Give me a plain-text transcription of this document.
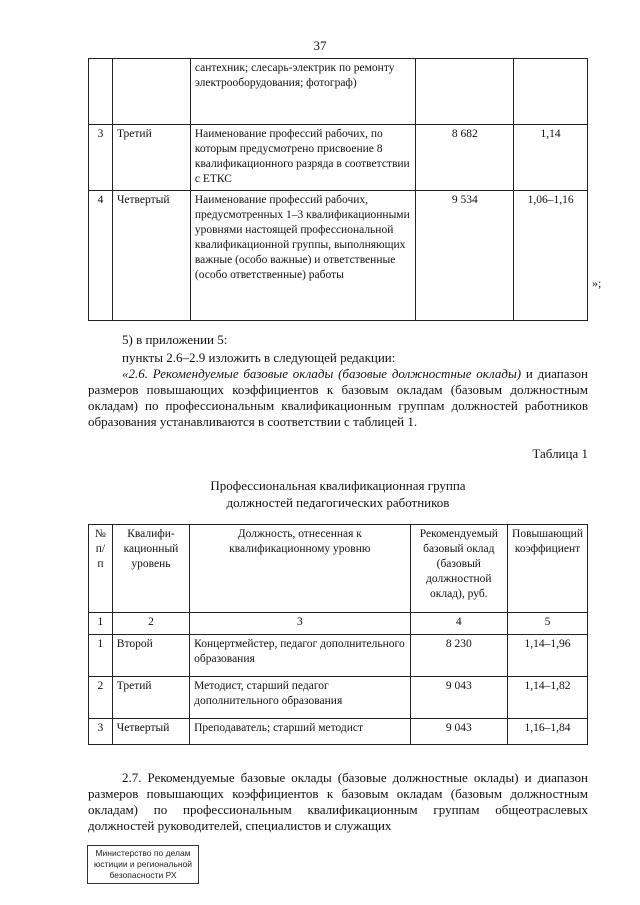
37
		сантехник; слесарь-электрик по ремонту электрооборудования; фотограф)		
3	Третий	Наименование профессий рабочих, по которым предусмотрено присвоение 8 квалификационного разряда в соответствии с ЕТКС	8 682	1,14
4	Четвертый	Наименование профессий рабочих, предусмотренных 1–3 квалификационными уровнями настоящей профессиональной квалификационной группы, выполняющих важные (особо важные) и ответственные (особо ответственные) работы	9 534	1,06–1,16
»;
5) в приложении 5:
пункты 2.6–2.9 изложить в следующей редакции:
«2.6. Рекомендуемые базовые оклады (базовые должностные оклады) и диапазон размеров повышающих коэффициентов к базовым окладам (базовым должностным окладам) по профессиональным квалификационным группам должностей работников образования устанавливаются в соответствии с таблицей 1.
Таблица 1
Профессиональная квалификационная группа
должностей педагогических работников
№ п/п	Квалифи-кационный уровень	Должность, отнесенная к квалификационному уровню	Рекомендуемый базовый оклад (базовый должностной оклад), руб.	Повышающий коэффициент
1	2	3	4	5
1	Второй	Концертмейстер, педагог дополнительного образования	8 230	1,14–1,96
2	Третий	Методист, старший педагог дополнительного образования	9 043	1,14–1,82
3	Четвертый	Преподаватель; старший методист	9 043	1,16–1,84
2.7. Рекомендуемые базовые оклады (базовые должностные оклады) и диапазон размеров повышающих коэффициентов к базовым окладам (базовым должностным окладам) по профессиональным квалификационным группам общеотраслевых должностей руководителей, специалистов и служащих
Министерство по делам
юстиции и региональной
безопасности РХ
